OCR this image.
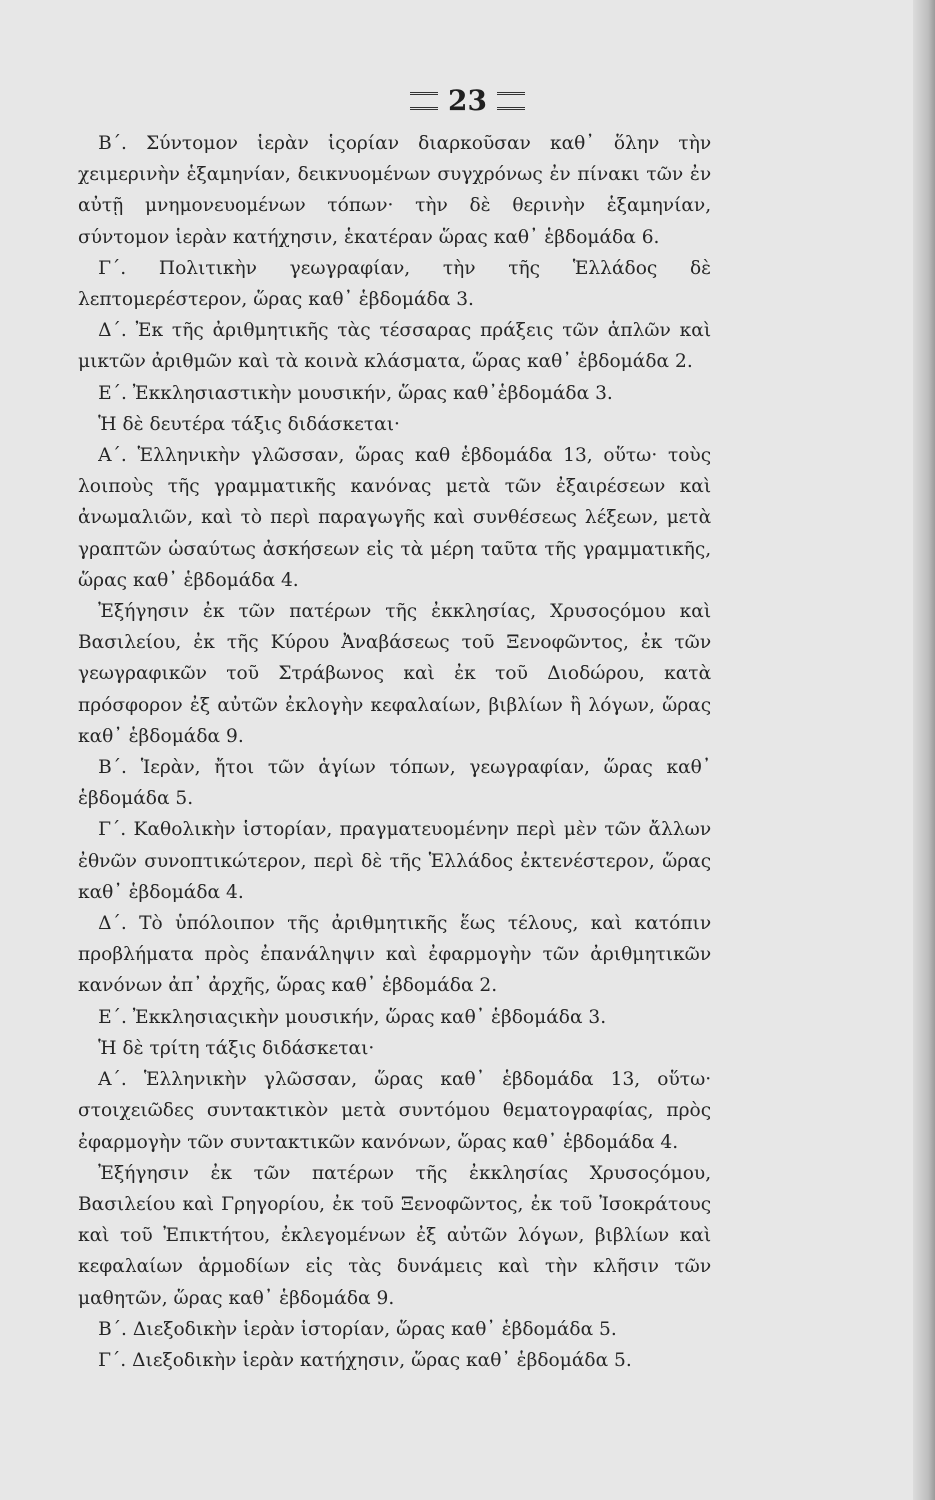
23

Β΄. Σύντομον ἱερὰν ἱςορίαν διαρκοῦσαν καθ᾽ ὅλην τὴν χειμερινὴν ἑξαμηνίαν, δεικνυομένων συγχρόνως ἐν πίνακι τῶν ἐν αὐτῇ μνημονευομένων τόπων· τὴν δὲ θερινὴν ἑξαμηνίαν, σύντομον ἱερὰν κατήχησιν, ἑκατέραν ὥρας καθ᾽ ἑβδομάδα 6.

Γ΄. Πολιτικὴν γεωγραφίαν, τὴν τῆς Ἑλλάδος δὲ λεπτομερέστερον, ὥρας καθ᾽ ἑβδομάδα 3.

Δ΄. Ἐκ τῆς ἀριθμητικῆς τὰς τέσσαρας πράξεις τῶν ἁπλῶν καὶ μικτῶν ἀριθμῶν καὶ τὰ κοινὰ κλάσματα, ὥρας καθ᾽ ἑβδομάδα 2.

Ε΄. Ἐκκλησιαστικὴν μουσικήν, ὥρας καθ᾽ἑβδομάδα 3.

Ἡ δὲ δευτέρα τάξις διδάσκεται·

Α΄. Ἑλληνικὴν γλῶσσαν, ὥρας καθ ἑβδομάδα 13, οὕτω· τοὺς λοιποὺς τῆς γραμματικῆς κανόνας μετὰ τῶν ἐξαιρέσεων καὶ ἀνωμαλιῶν, καὶ τὸ περὶ παραγωγῆς καὶ συνθέσεως λέξεων, μετὰ γραπτῶν ὡσαύτως ἀσκήσεων εἰς τὰ μέρη ταῦτα τῆς γραμματικῆς, ὥρας καθ᾽ ἑβδομάδα 4.

Ἐξήγησιν ἐκ τῶν πατέρων τῆς ἐκκλησίας, Χρυσοςόμου καὶ Βασιλείου, ἐκ τῆς Κύρου Ἀναβάσεως τοῦ Ξενοφῶντος, ἐκ τῶν γεωγραφικῶν τοῦ Στράβωνος καὶ ἐκ τοῦ Διοδώρου, κατὰ πρόσφορον ἐξ αὐτῶν ἐκλογὴν κεφαλαίων, βιβλίων ἢ λόγων, ὥρας καθ᾽ ἑβδομάδα 9.

Β΄. Ἱερὰν, ἤτοι τῶν ἁγίων τόπων, γεωγραφίαν, ὥρας καθ᾽ ἑβδομάδα 5.

Γ΄. Καθολικὴν ἱστορίαν, πραγματευομένην περὶ μὲν τῶν ἄλλων ἐθνῶν συνοπτικώτερον, περὶ δὲ τῆς Ἑλλάδος ἐκτενέστερον, ὥρας καθ᾽ ἑβδομάδα 4.

Δ΄. Τὸ ὑπόλοιπον τῆς ἀριθμητικῆς ἕως τέλους, καὶ κατόπιν προβλήματα πρὸς ἐπανάληψιν καὶ ἐφαρμογὴν τῶν ἀριθμητικῶν κανόνων ἀπ᾽ ἀρχῆς, ὥρας καθ᾽ ἑβδομάδα 2.

Ε΄. Ἐκκλησιαςικὴν μουσικήν, ὥρας καθ᾽ ἑβδομάδα 3.

Ἡ δὲ τρίτη τάξις διδάσκεται·

Α΄. Ἑλληνικὴν γλῶσσαν, ὥρας καθ᾽ ἑβδομάδα 13, οὕτω· στοιχειῶδες συντακτικὸν μετὰ συντόμου θεματογραφίας, πρὸς ἐφαρμογὴν τῶν συντακτικῶν κανόνων, ὥρας καθ᾽ ἑβδομάδα 4.

Ἐξήγησιν ἐκ τῶν πατέρων τῆς ἐκκλησίας Χρυσοςόμου, Βασιλείου καὶ Γρηγορίου, ἐκ τοῦ Ξενοφῶντος, ἐκ τοῦ Ἰσοκράτους καὶ τοῦ Ἐπικτήτου, ἐκλεγομένων ἐξ αὐτῶν λόγων, βιβλίων καὶ κεφαλαίων ἁρμοδίων εἰς τὰς δυνάμεις καὶ τὴν κλῆσιν τῶν μαθητῶν, ὥρας καθ᾽ ἑβδομάδα 9.

Β΄. Διεξοδικὴν ἱερὰν ἱστορίαν, ὥρας καθ᾽ ἑβδομάδα 5.

Γ΄. Διεξοδικὴν ἱερὰν κατήχησιν, ὥρας καθ᾽ ἑβδομάδα 5.
